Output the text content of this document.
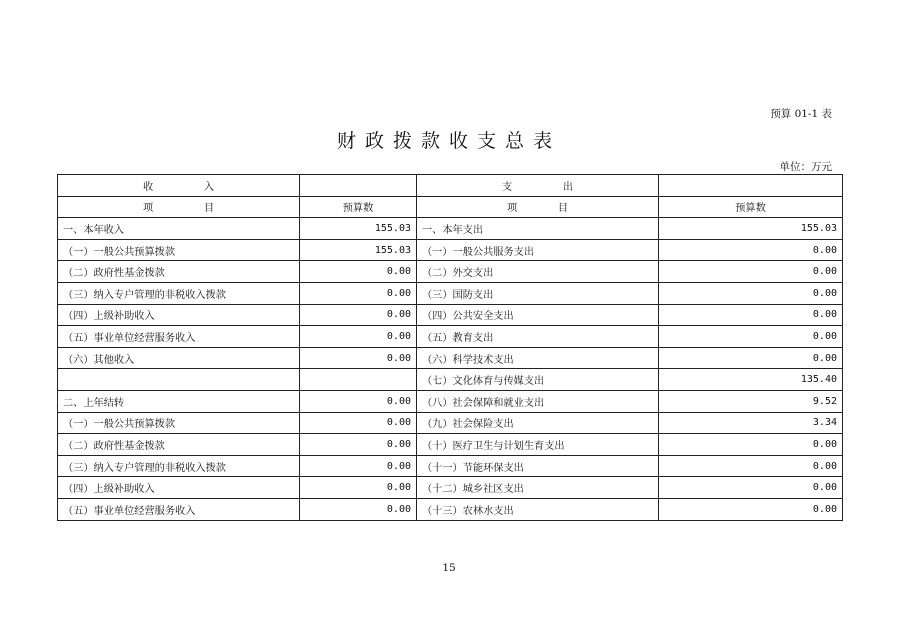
预算 01-1 表
财政拨款收支总表
单位：万元
收 入		支 出	

项 目	预算数	项 目	预算数
一、本年收入	155.03	一、本年支出	155.03
（一）一般公共预算拨款	155.03	（一）一般公共服务支出	0.00
（二）政府性基金拨款	0.00	（二）外交支出	0.00
（三）纳入专户管理的非税收入拨款	0.00	（三）国防支出	0.00
（四）上级补助收入	0.00	（四）公共安全支出	0.00
（五）事业单位经营服务收入	0.00	（五）教育支出	0.00
（六）其他收入	0.00	（六）科学技术支出	0.00
		（七）文化体育与传媒支出	135.40
二、上年结转	0.00	（八）社会保障和就业支出	9.52
（一）一般公共预算拨款	0.00	（九）社会保险支出	3.34
（二）政府性基金拨款	0.00	（十）医疗卫生与计划生育支出	0.00
（三）纳入专户管理的非税收入拨款	0.00	（十一）节能环保支出	0.00
（四）上级补助收入	0.00	（十二）城乡社区支出	0.00
（五）事业单位经营服务收入	0.00	（十三）农林水支出	0.00
15
